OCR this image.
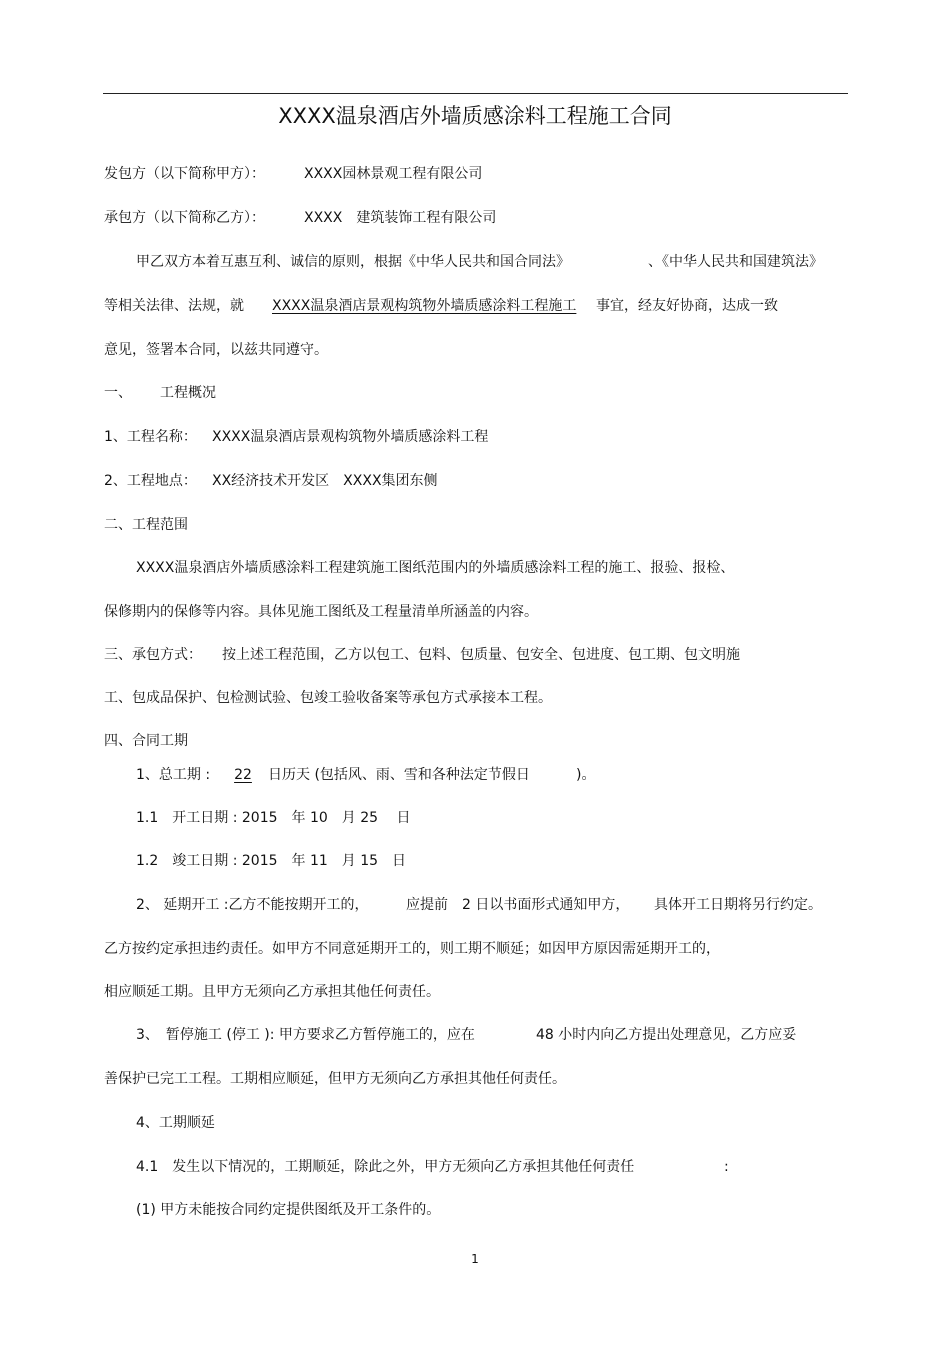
XXXX温泉酒店外墙质感涂料工程施工合同
发包方（以下简称甲方）：	XXXX园林景观工程有限公司
承包方（以下简称乙方）：	XXXX　建筑装饰工程有限公司
甲乙双方本着互惠互利、诚信的原则，根据《中华人民共和国合同法》	、《中华人民共和国建筑法》
等相关法律、法规，就 XXXX温泉酒店景观构筑物外墙质感涂料工程施工 事宜，经友好协商，达成一致
意见，签署本合同，以兹共同遵守。
一、 工程概况
1、工程名称： XXXX温泉酒店景观构筑物外墙质感涂料工程
2、工程地点： XX经济技术开发区　XXXX集团东侧
二、工程范围
XXXX温泉酒店外墙质感涂料工程建筑施工图纸范围内的外墙质感涂料工程的施工、报验、报检、
保修期内的保修等内容。具体见施工图纸及工程量清单所涵盖的内容。
三、承包方式： 按上述工程范围，乙方以包工、包料、包质量、包安全、包进度、包工期、包文明施
工、包成品保护、包检测试验、包竣工验收备案等承包方式承接本工程。
四、合同工期
1、总工期 :	22	日历天 (包括风、雨、雪和各种法定节假日	)。
1.1　开工日期 : 2015　年 10　月 25　 日
1.2　竣工日期 : 2015　年 11　月 15　日
2、 延期开工 :乙方不能按期开工的，	应提前　2 日以书面形式通知甲方， 具体开工日期将另行约定。
乙方按约定承担违约责任。如甲方不同意延期开工的，则工期不顺延；如因甲方原因需延期开工的，
相应顺延工期。且甲方无须向乙方承担其他任何责任。
3、　暂停施工 (停工 ): 甲方要求乙方暂停施工的，应在	48 小时内向乙方提出处理意见，乙方应妥
善保护已完工工程。工期相应顺延，但甲方无须向乙方承担其他任何责任。
4、工期顺延
4.1　发生以下情况的，工期顺延，除此之外，甲方无须向乙方承担其他任何责任	:
(1) 甲方未能按合同约定提供图纸及开工条件的。
1
